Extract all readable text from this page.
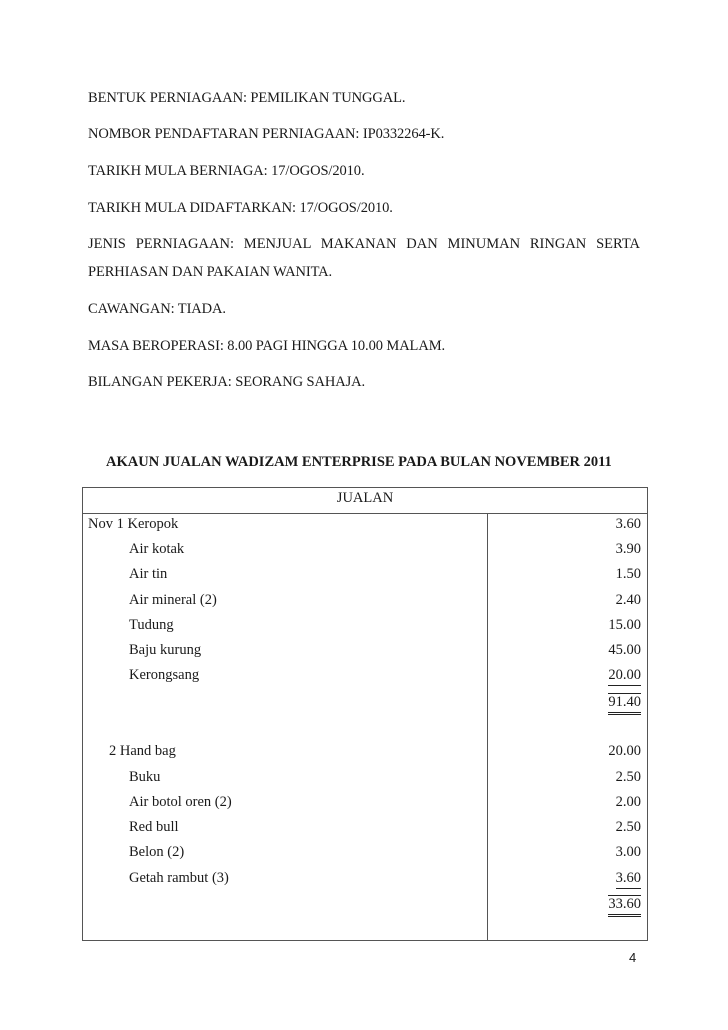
BENTUK PERNIAGAAN: PEMILIKAN TUNGGAL.
NOMBOR PENDAFTARAN PERNIAGAAN: IP0332264-K.
TARIKH MULA BERNIAGA: 17/OGOS/2010.
TARIKH MULA DIDAFTARKAN: 17/OGOS/2010.
JENIS PERNIAGAAN: MENJUAL MAKANAN DAN MINUMAN RINGAN SERTA
PERHIASAN DAN PAKAIAN WANITA.
CAWANGAN: TIADA.
MASA BEROPERASI: 8.00 PAGI HINGGA 10.00 MALAM.
BILANGAN PEKERJA: SEORANG SAHAJA.
AKAUN JUALAN WADIZAM ENTERPRISE PADA BULAN NOVEMBER 2011
JUALAN
Nov 1 Keropok	3.60
Air kotak	3.90
Air tin	1.50
Air mineral (2)	2.40
Tudung	15.00
Baju kurung	45.00
Kerongsang	20.00
91.40
2 Hand bag	20.00
Buku	2.50
Air botol oren (2)	2.00
Red bull	2.50
Belon (2)	3.00
Getah rambut (3)	3.60
33.60
4
